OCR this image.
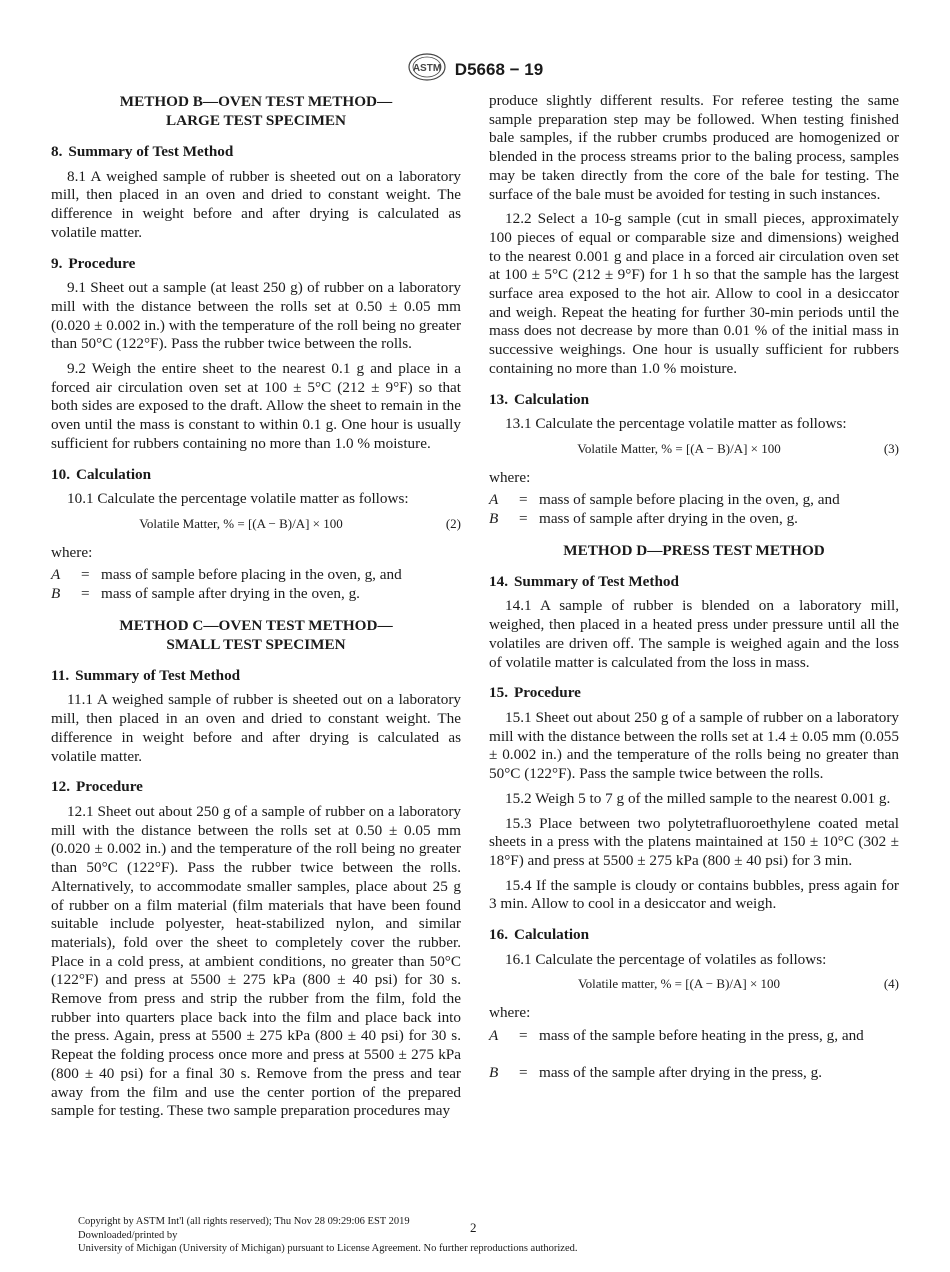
ASTM D5668 − 19
METHOD B—OVEN TEST METHOD—
LARGE TEST SPECIMEN
8. Summary of Test Method

8.1 A weighed sample of rubber is sheeted out on a laboratory mill, then placed in an oven and dried to constant weight. The difference in weight before and after drying is calculated as volatile matter.

9. Procedure

9.1 Sheet out a sample (at least 250 g) of rubber on a laboratory mill with the distance between the rolls set at 0.50 ± 0.05 mm (0.020 ± 0.002 in.) with the temperature of the roll being no greater than 50°C (122°F). Pass the rubber twice between the rolls.

9.2 Weigh the entire sheet to the nearest 0.1 g and place in a forced air circulation oven set at 100 ± 5°C (212 ± 9°F) so that both sides are exposed to the draft. Allow the sheet to remain in the oven until the mass is constant to within 0.1 g. One hour is usually sufficient for rubbers containing no more than 1.0 % moisture.

10. Calculation

10.1 Calculate the percentage volatile matter as follows:

Volatile Matter, % = [(A − B)/A] × 100	(2)
where:
A	= mass of sample before placing in the oven, g, and
B	= mass of sample after drying in the oven, g.
METHOD C—OVEN TEST METHOD—
SMALL TEST SPECIMEN
11. Summary of Test Method

11.1 A weighed sample of rubber is sheeted out on a laboratory mill, then placed in an oven and dried to constant weight. The difference in weight before and after drying is calculated as volatile matter.

12. Procedure

12.1 Sheet out about 250 g of a sample of rubber on a laboratory mill with the distance between the rolls set at 0.50 ± 0.05 mm (0.020 ± 0.002 in.) and the temperature of the roll being no greater than 50°C (122°F). Pass the rubber twice between the rolls. Alternatively, to accommodate smaller samples, place about 25 g of rubber on a film material (film materials that have been found suitable include polyester, heat-stabilized nylon, and similar materials), fold over the sheet to completely cover the rubber. Place in a cold press, at ambient conditions, no greater than 50°C (122°F) and press at 5500 ± 275 kPa (800 ± 40 psi) for 30 s. Remove from press and strip the rubber from the film, fold the rubber into quarters place back into the film and place back into the press. Again, press at 5500 ± 275 kPa (800 ± 40 psi) for 30 s. Repeat the folding process once more and press at 5500 ± 275 kPa (800 ± 40 psi) for a final 30 s. Remove from the press and tear away from the film and use the center portion of the prepared sample for testing. These two sample preparation procedures may

produce slightly different results. For referee testing the same sample preparation step may be followed. When testing finished bale samples, if the rubber crumbs produced are homogenized or blended in the process streams prior to the baling process, samples may be taken directly from the core of the bale for testing. The surface of the bale must be avoided for testing in such instances.

12.2 Select a 10-g sample (cut in small pieces, approximately 100 pieces of equal or comparable size and dimensions) weighed to the nearest 0.001 g and place in a forced air circulation oven set at 100 ± 5°C (212 ± 9°F) for 1 h so that the sample has the largest surface area exposed to the hot air. Allow to cool in a desiccator and weigh. Repeat the heating for further 30-min periods until the mass does not decrease by more than 0.01 % of the initial mass in successive weighings. One hour is usually sufficient for rubbers containing no more than 1.0 % moisture.

13. Calculation

13.1 Calculate the percentage volatile matter as follows:

Volatile Matter, % = [(A − B)/A] × 100	(3)
where:
A	= mass of sample before placing in the oven, g, and
B	= mass of sample after drying in the oven, g.
METHOD D—PRESS TEST METHOD
14. Summary of Test Method

14.1 A sample of rubber is blended on a laboratory mill, weighed, then placed in a heated press under pressure until all the volatiles are driven off. The sample is weighed again and the loss of volatile matter is calculated from the loss in mass.

15. Procedure

15.1 Sheet out about 250 g of a sample of rubber on a laboratory mill with the distance between the rolls set at 1.4 ± 0.05 mm (0.055 ± 0.002 in.) and the temperature of the rolls being no greater than 50°C (122°F). Pass the sample twice between the rolls.

15.2 Weigh 5 to 7 g of the milled sample to the nearest 0.001 g.

15.3 Place between two polytetrafluoroethylene coated metal sheets in a press with the platens maintained at 150 ± 10°C (302 ± 18°F) and press at 5500 ± 275 kPa (800 ± 40 psi) for 3 min.

15.4 If the sample is cloudy or contains bubbles, press again for 3 min. Allow to cool in a desiccator and weigh.

16. Calculation

16.1 Calculate the percentage of volatiles as follows:

Volatile matter, % = [(A − B)/A] × 100	(4)
where:
A	= mass of the sample before heating in the press, g, and
B	= mass of the sample after drying in the press, g.
Copyright by ASTM Int'l (all rights reserved); Thu Nov 28 09:29:06 EST 2019
Downloaded/printed by
University of Michigan (University of Michigan) pursuant to License Agreement. No further reproductions authorized.
2
